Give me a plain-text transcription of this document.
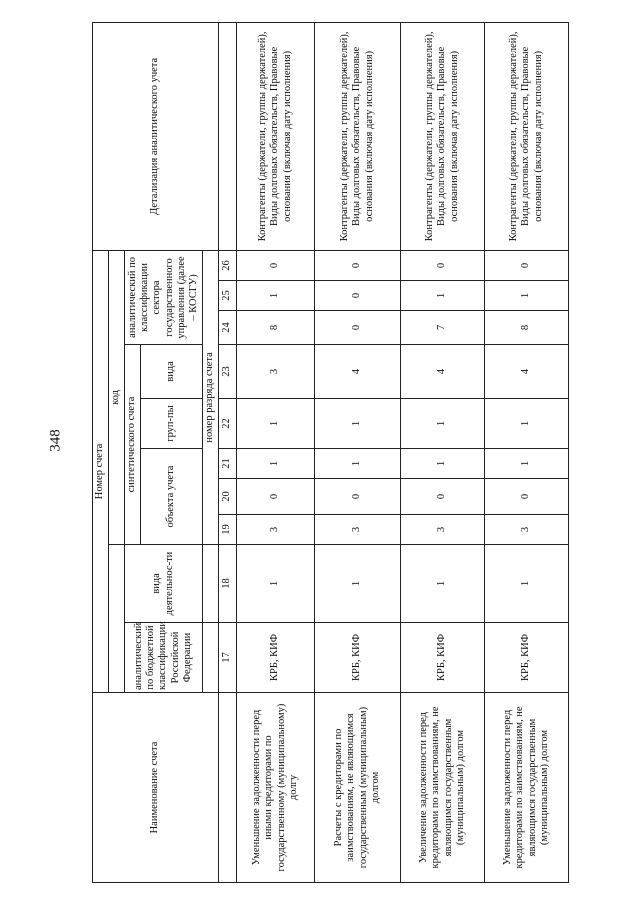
348
Наименование счета	Номер счета										Детализация аналитического учета
			код								
	аналитический по бюджетной классификации Российской Федерации	вида деятельнос-ти	синтетического счета					аналитический по классификации сектора государственного управления (далее – КОСГУ)			
			объекта учета			груп-пы	вида				
			номер разряда счета								
	17	18	19	20	21	22	23	24	25	26	
Уменьшение задолженности перед иными кредиторами по государственному (муниципальному) долгу	КРБ, КИФ	1	3	0	1	1	3	8	1	0	Контрагенты (держатели, группы держателей), Виды долговых обязательств, Правовые основания (включая дату исполнения)
Расчеты с кредиторами по заимствованиям, не являющимся государственным (муниципальным) долгом	КРБ, КИФ	1	3	0	1	1	4	0	0	0	Контрагенты (держатели, группы держателей), Виды долговых обязательств, Правовые основания (включая дату исполнения)
Увеличение задолженности перед кредиторами по заимствованиям, не являющимся государственным (муниципальным) долгом	КРБ, КИФ	1	3	0	1	1	4	7	1	0	Контрагенты (держатели, группы держателей), Виды долговых обязательств, Правовые основания (включая дату исполнения)
Уменьшение задолженности перед кредиторами по заимствованиям, не являющимся государственным (муниципальным) долгом	КРБ, КИФ	1	3	0	1	1	4	8	1	0	Контрагенты (держатели, группы держателей), Виды долговых обязательств, Правовые основания (включая дату исполнения)
